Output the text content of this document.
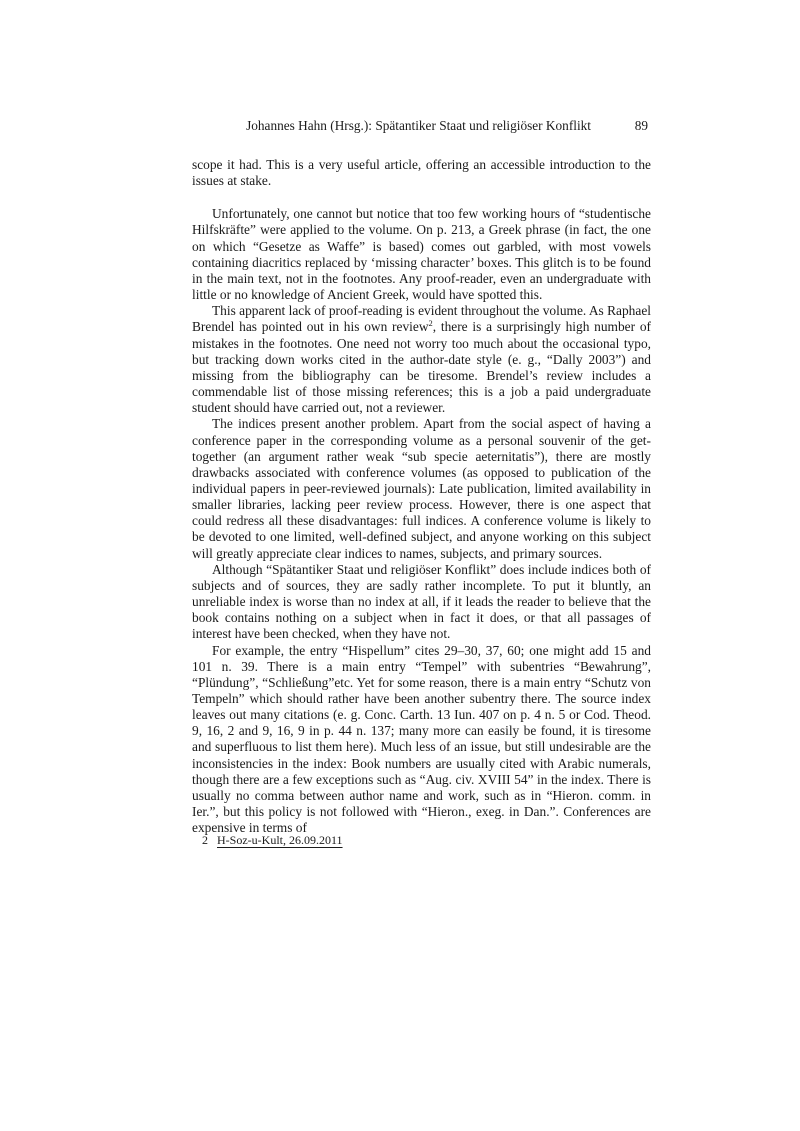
Johannes Hahn (Hrsg.): Spätantiker Staat und religiöser Konflikt	89

scope it had. This is a very useful article, offering an accessible introduction to the issues at stake.

Unfortunately, one cannot but notice that too few working hours of “studentische Hilfskräfte” were applied to the volume. On p. 213, a Greek phrase (in fact, the one on which “Gesetze as Waffe” is based) comes out garbled, with most vowels containing diacritics replaced by ‘missing character’ boxes. This glitch is to be found in the main text, not in the footnotes. Any proof-reader, even an undergraduate with little or no knowledge of Ancient Greek, would have spotted this.

This apparent lack of proof-reading is evident throughout the volume. As Raphael Brendel has pointed out in his own review$^2$, there is a surprisingly high number of mistakes in the footnotes. One need not worry too much about the occasional typo, but tracking down works cited in the author-date style (e. g., “Dally 2003”) and missing from the bibliography can be tiresome. Brendel’s review includes a commendable list of those missing references; this is a job a paid undergraduate student should have carried out, not a reviewer.

The indices present another problem. Apart from the social aspect of having a conference paper in the corresponding volume as a personal souvenir of the get-together (an argument rather weak “sub specie aeternitatis”), there are mostly drawbacks associated with conference volumes (as opposed to publication of the individual papers in peer-reviewed journals): Late publication, limited availability in smaller libraries, lacking peer review process. However, there is one aspect that could redress all these disadvantages: full indices. A conference volume is likely to be devoted to one limited, well-defined subject, and anyone working on this subject will greatly appreciate clear indices to names, subjects, and primary sources.

Although “Spätantiker Staat und religiöser Konflikt” does include indices both of subjects and of sources, they are sadly rather incomplete. To put it bluntly, an unreliable index is worse than no index at all, if it leads the reader to believe that the book contains nothing on a subject when in fact it does, or that all passages of interest have been checked, when they have not.

For example, the entry “Hispellum” cites 29–30, 37, 60; one might add 15 and 101 n. 39. There is a main entry “Tempel” with subentries “Bewahrung”, “Plündung”, “Schließung”etc. Yet for some reason, there is a main entry “Schutz von Tempeln” which should rather have been another subentry there. The source index leaves out many citations (e. g. Conc. Carth. 13 Iun. 407 on p. 4 n. 5 or Cod. Theod. 9, 16, 2 and 9, 16, 9 in p. 44 n. 137; many more can easily be found, it is tiresome and superfluous to list them here). Much less of an issue, but still undesirable are the inconsistencies in the index: Book numbers are usually cited with Arabic numerals, though there are a few exceptions such as “Aug. civ. XVIII 54” in the index. There is usually no comma between author name and work, such as in “Hieron. comm. in Ier.”, but this policy is not followed with “Hieron., exeg. in Dan.”. Conferences are expensive in terms of

2 H-Soz-u-Kult, 26.09.2011
